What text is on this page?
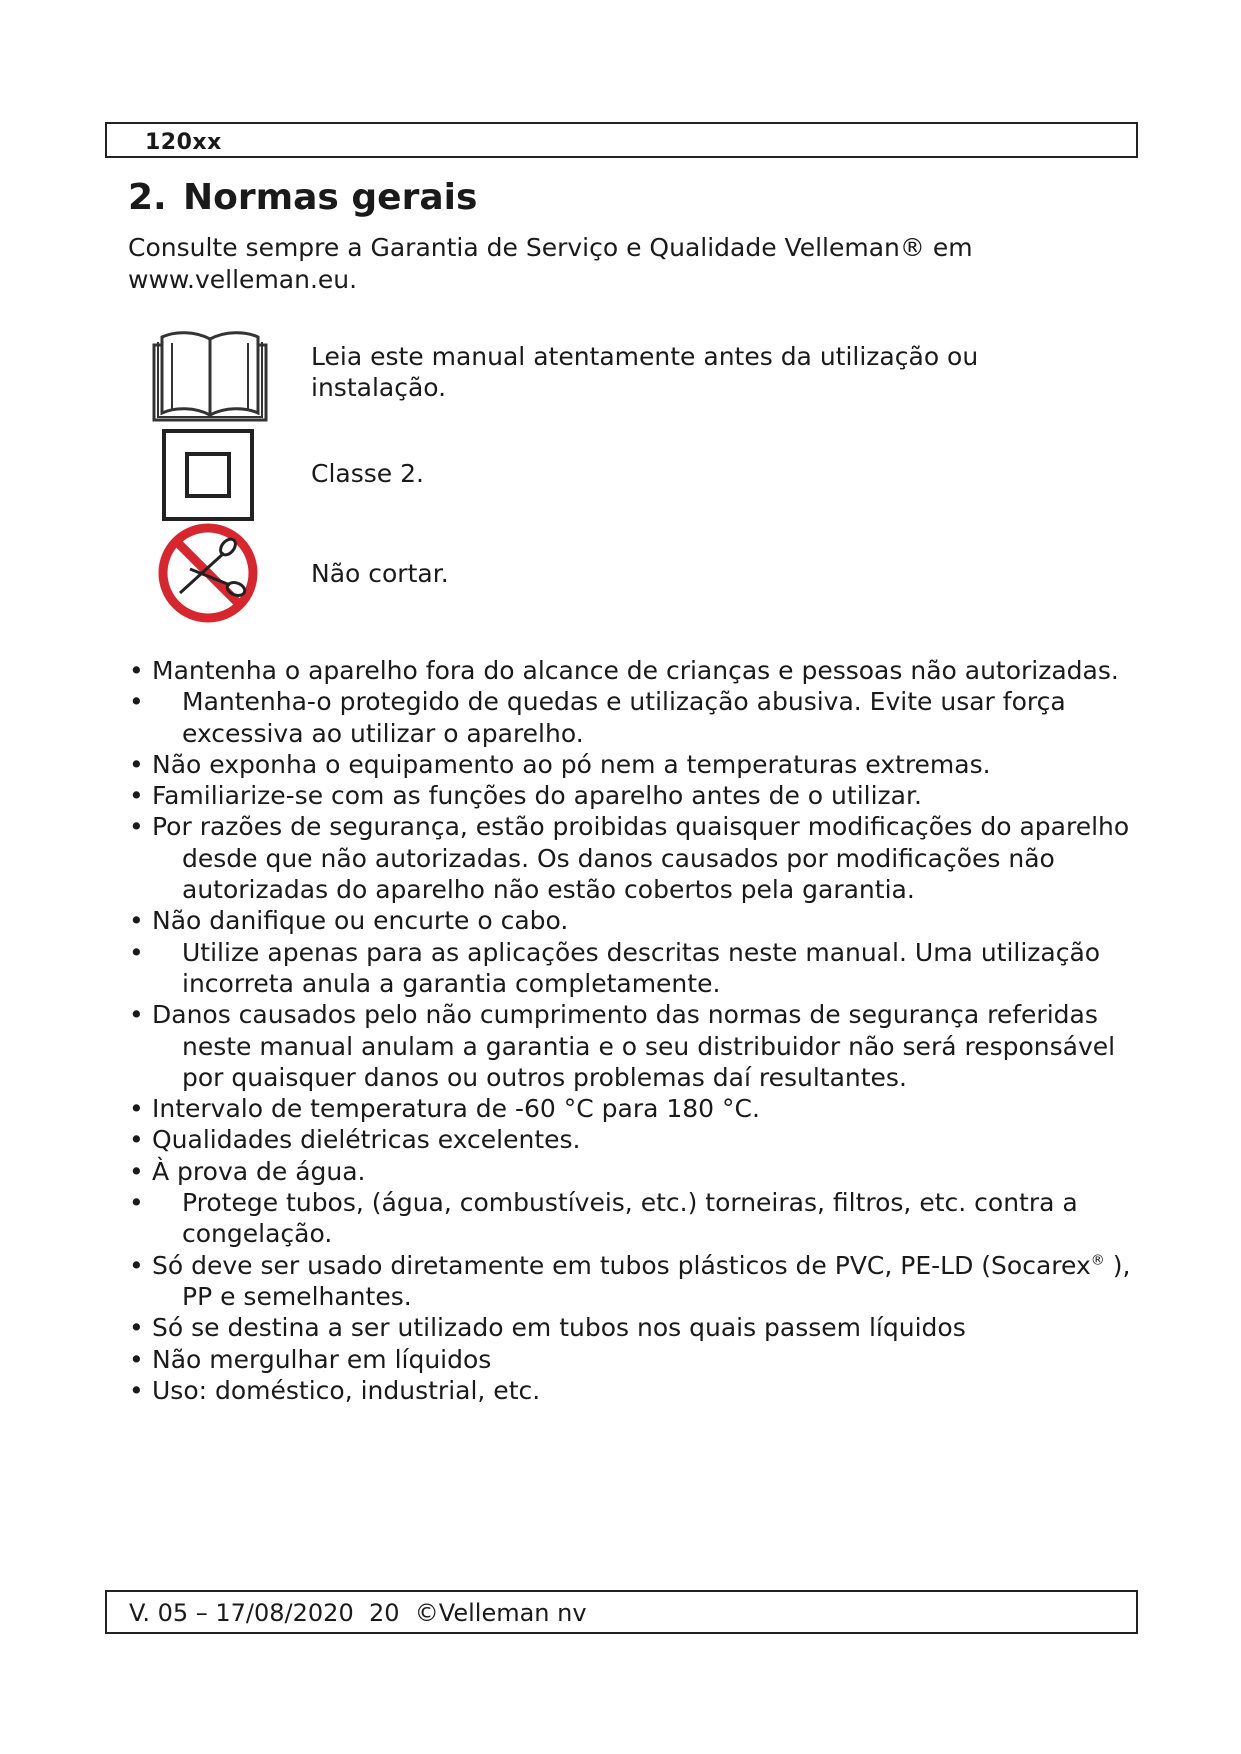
120xx
2. Normas gerais

Consulte sempre a Garantia de Serviço e Qualidade Velleman® em www.velleman.eu.

Leia este manual atentamente antes da utilização ou instalação.
Classe 2.
Não cortar.
• Mantenha o aparelho fora do alcance de crianças e pessoas não autorizadas.
• Mantenha-o protegido de quedas e utilização abusiva. Evite usar força excessiva ao utilizar o aparelho.
• Não exponha o equipamento ao pó nem a temperaturas extremas.
• Familiarize-se com as funções do aparelho antes de o utilizar.
• Por razões de segurança, estão proibidas quaisquer modificações do aparelho desde que não autorizadas. Os danos causados por modificações não autorizadas do aparelho não estão cobertos pela garantia.
• Não danifique ou encurte o cabo.
• Utilize apenas para as aplicações descritas neste manual. Uma utilização incorreta anula a garantia completamente.
• Danos causados pelo não cumprimento das normas de segurança referidas neste manual anulam a garantia e o seu distribuidor não será responsável por quaisquer danos ou outros problemas daí resultantes.
• Intervalo de temperatura de -60 °C para 180 °C.
• Qualidades dielétricas excelentes.
• À prova de água.
• Protege tubos, (água, combustíveis, etc.) torneiras, filtros, etc. contra a congelação.
• Só deve ser usado diretamente em tubos plásticos de PVC, PE-LD (Socarex® ), PP e semelhantes.
• Só se destina a ser utilizado em tubos nos quais passem líquidos
• Não mergulhar em líquidos
• Uso: doméstico, industrial, etc.
V. 05 – 17/08/2020 20 ©Velleman nv
